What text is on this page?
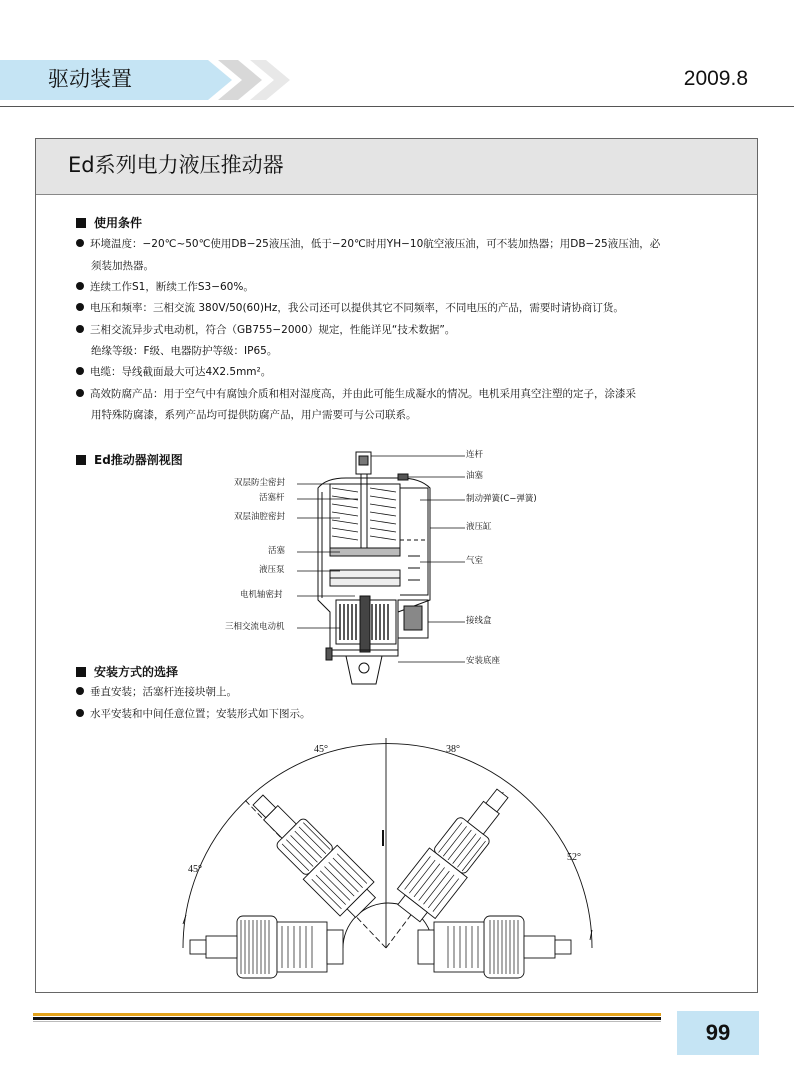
驱动装置	2009.8
Ed系列电力液压推动器
使用条件
环境温度：−20℃~50℃使用DB−25液压油，低于−20℃时用YH−10航空液压油，可不装加热器；用DB−25液压油，必
须装加热器。
连续工作S1，断续工作S3−60%。
电压和频率：三相交流 380V/50(60)Hz，我公司还可以提供其它不同频率，不同电压的产品，需要时请协商订货。
三相交流异步式电动机，符合（GB755−2000）规定，性能详见“技术数据”。
绝缘等级：F级、电器防护等级：IP65。
电缆：导线截面最大可达4X2.5mm²。
高效防腐产品：用于空气中有腐蚀介质和相对湿度高，并由此可能生成凝水的情况。电机采用真空注塑的定子，涂漆采
用特殊防腐漆，系列产品均可提供防腐产品，用户需要可与公司联系。
Ed推动器剖视图
双层防尘密封
活塞杆
双层油腔密封
活塞
液压泵
电机轴密封
三相交流电动机
连杆
油塞
制动弹簧(C−弹簧)
液压缸
气室
接线盒
安装底座
安装方式的选择
垂直安装；活塞杆连接块朝上。
水平安装和中间任意位置；安装形式如下图示。
45°	38°
45°
52°
99
